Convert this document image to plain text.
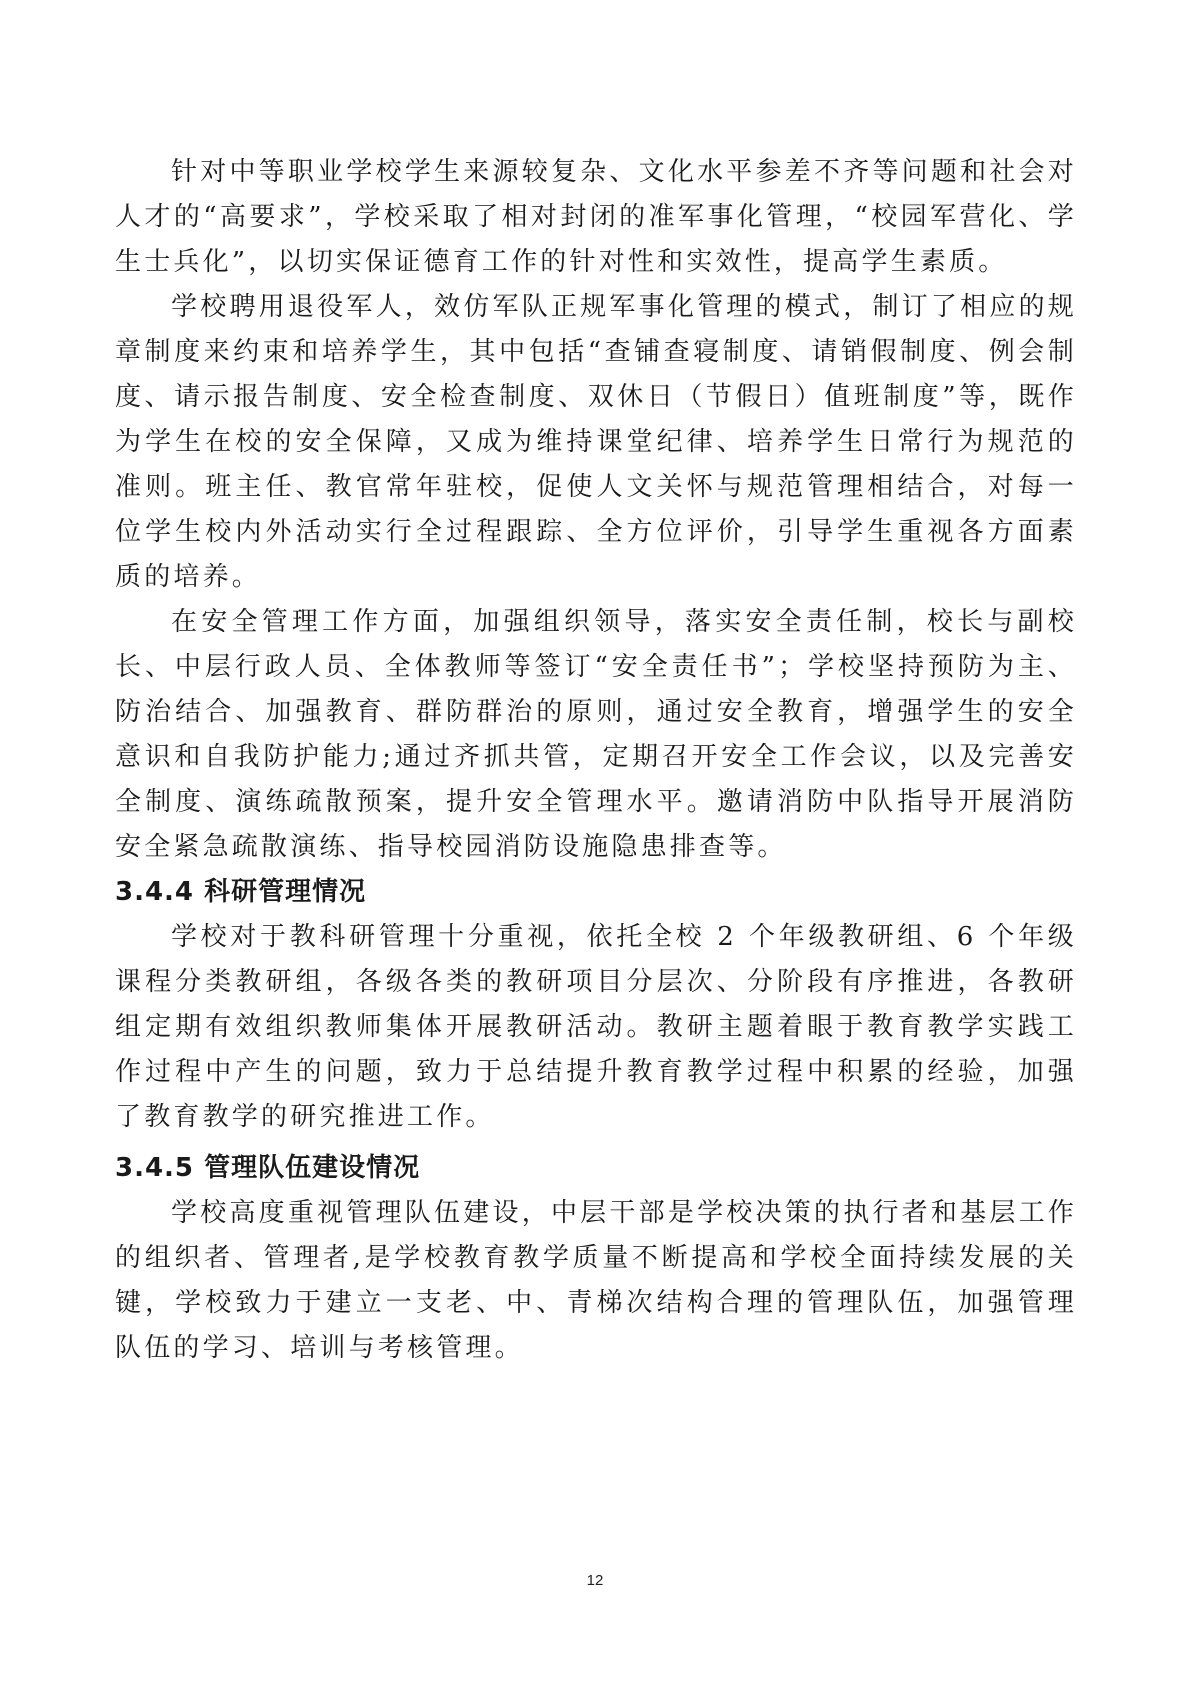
针对中等职业学校学生来源较复杂、文化水平参差不齐等问题和社会对人才的“高要求”，学校采取了相对封闭的准军事化管理，“校园军营化、学生士兵化”，以切实保证德育工作的针对性和实效性，提高学生素质。

学校聘用退役军人，效仿军队正规军事化管理的模式，制订了相应的规章制度来约束和培养学生，其中包括“查铺查寝制度、请销假制度、例会制度、请示报告制度、安全检查制度、双休日（节假日）值班制度”等，既作为学生在校的安全保障，又成为维持课堂纪律、培养学生日常行为规范的准则。班主任、教官常年驻校，促使人文关怀与规范管理相结合，对每一位学生校内外活动实行全过程跟踪、全方位评价，引导学生重视各方面素质的培养。

在安全管理工作方面，加强组织领导，落实安全责任制，校长与副校长、中层行政人员、全体教师等签订“安全责任书”；学校坚持预防为主、防治结合、加强教育、群防群治的原则，通过安全教育，增强学生的安全意识和自我防护能力;通过齐抓共管，定期召开安全工作会议，以及完善安全制度、演练疏散预案，提升安全管理水平。邀请消防中队指导开展消防安全紧急疏散演练、指导校园消防设施隐患排查等。

3.4.4 科研管理情况

学校对于教科研管理十分重视，依托全校 2 个年级教研组、6 个年级课程分类教研组，各级各类的教研项目分层次、分阶段有序推进，各教研组定期有效组织教师集体开展教研活动。教研主题着眼于教育教学实践工作过程中产生的问题，致力于总结提升教育教学过程中积累的经验，加强了教育教学的研究推进工作。

3.4.5 管理队伍建设情况

学校高度重视管理队伍建设，中层干部是学校决策的执行者和基层工作的组织者、管理者,是学校教育教学质量不断提高和学校全面持续发展的关键，学校致力于建立一支老、中、青梯次结构合理的管理队伍，加强管理队伍的学习、培训与考核管理。

12
